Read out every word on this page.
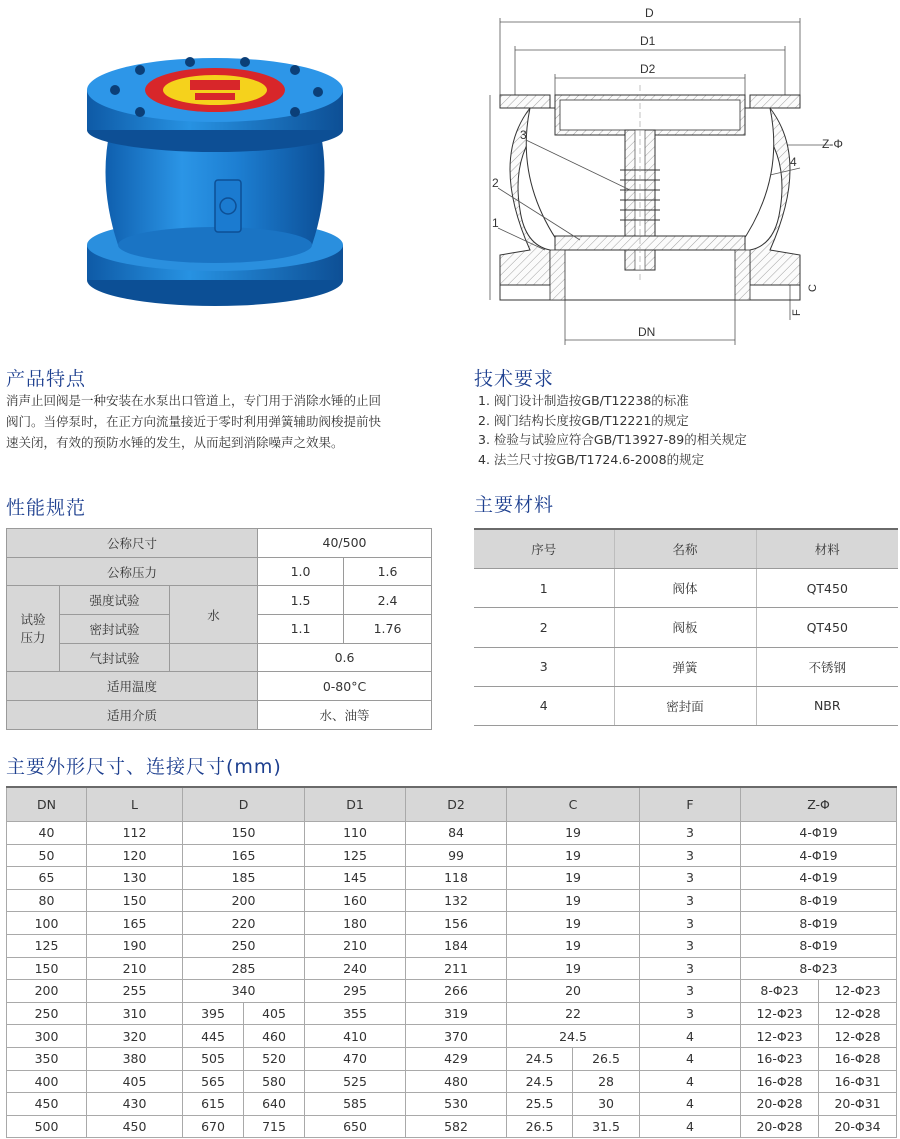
D
D1
D2
DN
Z-Φ
C
F
1
2
3
4
产品特点
消声止回阀是一种安装在水泵出口管道上，专门用于消除水锤的止回
阀门。当停泵时，在正方向流量接近于零时利用弹簧辅助阀梭提前快
速关闭，有效的预防水锤的发生，从而起到消除噪声之效果。
技术要求
1. 阀门设计制造按GB/T12238的标准
2. 阀门结构长度按GB/T12221的规定
3. 检验与试验应符合GB/T13927-89的相关规定
4. 法兰尺寸按GB/T1724.6-2008的规定
性能规范
公称尺寸			40/500	
公称压力			1.0	1.6
试验压力	强度试验	水	1.5	2.4
	密封试验		1.1	1.76
	气封试验		0.6	
适用温度			0-80°C	
适用介质			水、油等	
主要材料
序号	名称	材料
1	阀体	QT450
2	阀板	QT450
3	弹簧	不锈钢
4	密封面	NBR
主要外形尺寸、连接尺寸(mm)
DN	L	D		D1	D2	C		F	Z-Φ	
40	112	150		110	84	19		3	4-Φ19	
50	120	165		125	99	19		3	4-Φ19	
65	130	185		145	118	19		3	4-Φ19	
80	150	200		160	132	19		3	8-Φ19	
100	165	220		180	156	19		3	8-Φ19	
125	190	250		210	184	19		3	8-Φ19	
150	210	285		240	211	19		3	8-Φ23	
200	255	340		295	266	20		3	8-Φ23	12-Φ23
250	310	395	405	355	319	22		3	12-Φ23	12-Φ28
300	320	445	460	410	370	24.5		4	12-Φ23	12-Φ28
350	380	505	520	470	429	24.5	26.5	4	16-Φ23	16-Φ28
400	405	565	580	525	480	24.5	28	4	16-Φ28	16-Φ31
450	430	615	640	585	530	25.5	30	4	20-Φ28	20-Φ31
500	450	670	715	650	582	26.5	31.5	4	20-Φ28	20-Φ34
